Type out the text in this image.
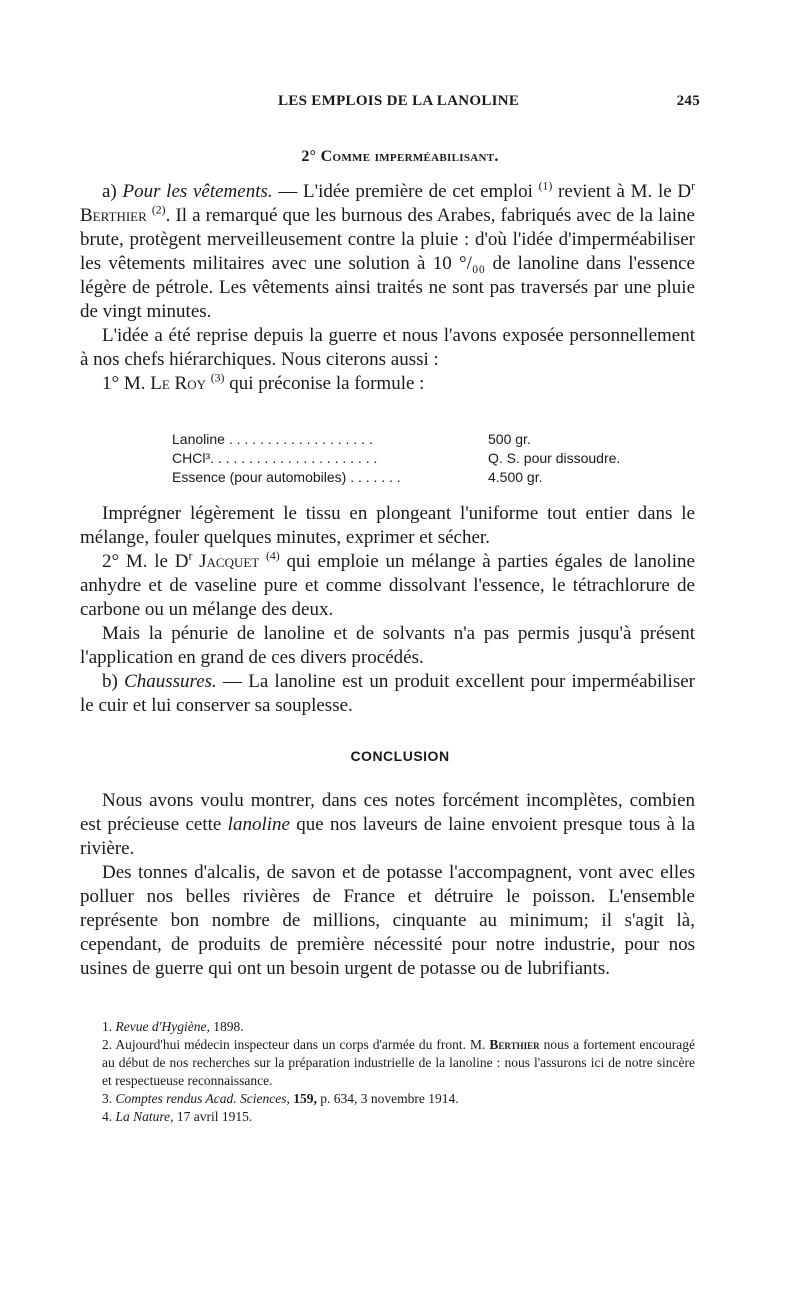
LES EMPLOIS DE LA LANOLINE	245
2° Comme imperméabilisant.

a) Pour les vêtements. — L'idée première de cet emploi $^{(1)}$ revient à M. le $D^r$ Berthier $^{(2)}$. Il a remarqué que les burnous des Arabes, fabriqués avec de la laine brute, protègent merveilleusement contre la pluie : d'où l'idée d'imperméabiliser les vêtements militaires avec une solution à 10 °/₀₀ de lanoline dans l'essence légère de pétrole. Les vêtements ainsi traités ne sont pas traversés par une pluie de vingt minutes.

L'idée a été reprise depuis la guerre et nous l'avons exposée personnellement à nos chefs hiérarchiques. Nous citerons aussi :

1° M. Le Roy $^{(3)}$ qui préconise la formule :

Lanoline . . . . . . . . . . . . . . . . . . .	500 gr.
CHCl³. . . . . . . . . . . . . . . . . . . . . .	Q. S. pour dissoudre.
Essence (pour automobiles) . . . . . . .	4.500 gr.

Imprégner légèrement le tissu en plongeant l'uniforme tout entier dans le mélange, fouler quelques minutes, exprimer et sécher.

2° M. le $D^r$ Jacquet $^{(4)}$ qui emploie un mélange à parties égales de lanoline anhydre et de vaseline pure et comme dissolvant l'essence, le tétrachlorure de carbone ou un mélange des deux.

Mais la pénurie de lanoline et de solvants n'a pas permis jusqu'à présent l'application en grand de ces divers procédés.

b) Chaussures. — La lanoline est un produit excellent pour imperméabiliser le cuir et lui conserver sa souplesse.

CONCLUSION

Nous avons voulu montrer, dans ces notes forcément incomplètes, combien est précieuse cette lanoline que nos laveurs de laine envoient presque tous à la rivière.

Des tonnes d'alcalis, de savon et de potasse l'accompagnent, vont avec elles polluer nos belles rivières de France et détruire le poisson. L'ensemble représente bon nombre de millions, cinquante au minimum; il s'agit là, cependant, de produits de première nécessité pour notre industrie, pour nos usines de guerre qui ont un besoin urgent de potasse ou de lubrifiants.

1. Revue d'Hygiène, 1898.

2. Aujourd'hui médecin inspecteur dans un corps d'armée du front. M. Berthier nous a fortement encouragé au début de nos recherches sur la préparation industrielle de la lanoline : nous l'assurons ici de notre sincère et respectueuse reconnaissance.

3. Comptes rendus Acad. Sciences, 159, p. 634, 3 novembre 1914.

4. La Nature, 17 avril 1915.
